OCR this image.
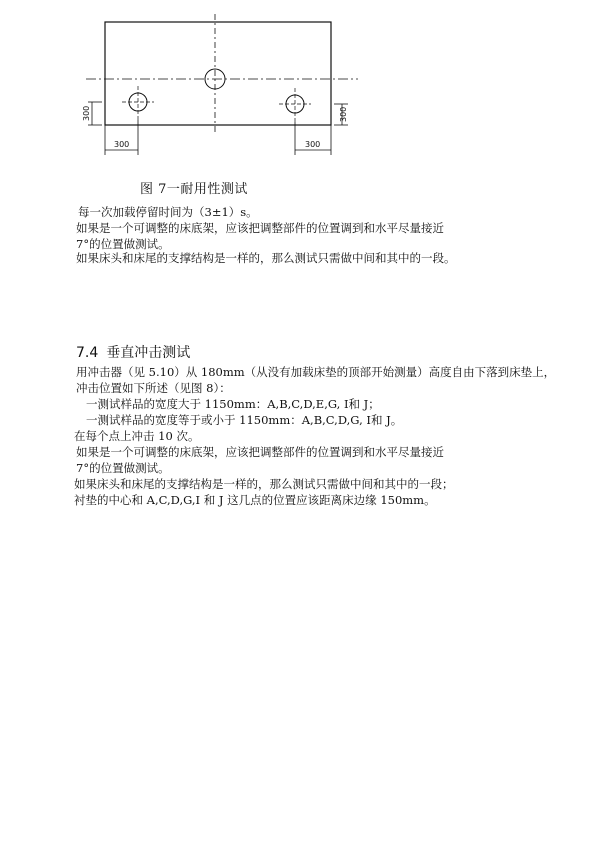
300	300
300	300
图 7一耐用性测试
每一次加载停留时间为（3±1）s。
如果是一个可调整的床底架，应该把调整部件的位置调到和水平尽量接近
7°的位置做测试。
如果床头和床尾的支撑结构是一样的，那么测试只需做中间和其中的一段。
7.4 垂直冲击测试
用冲击器（见 5.10）从 180mm（从没有加载床垫的顶部开始测量）高度自由下落到床垫上，
冲击位置如下所述（见图 8）：
一测试样品的宽度大于 1150mm：A,B,C,D,E,G, I和 J；
一测试样品的宽度等于或小于 1150mm：A,B,C,D,G, I和 J。
在每个点上冲击 10 次。
如果是一个可调整的床底架，应该把调整部件的位置调到和水平尽量接近
7°的位置做测试。
如果床头和床尾的支撑结构是一样的，那么测试只需做中间和其中的一段；
衬垫的中心和 A,C,D,G,I 和 J 这几点的位置应该距离床边缘 150mm。
